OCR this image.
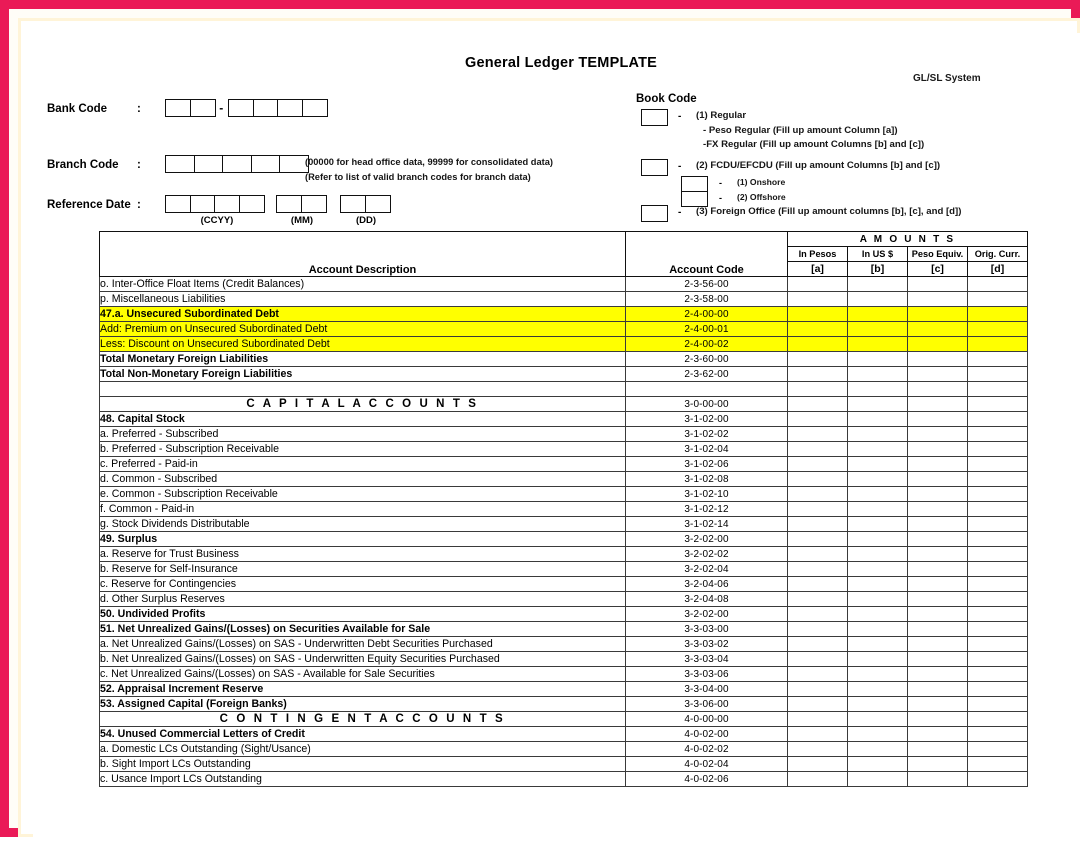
General Ledger TEMPLATE
GL/SL System
Bank Code	:	-
Branch Code :	(00000 for head office data, 99999 for consolidated data)
(Refer to list of valid branch codes for branch data)
Reference Date :
(CCYY)	(MM)	(DD)
Book Code
- (1) Regular
- Peso Regular (Fill up amount Column [a])
-FX Regular (Fill up amount Columns [b] and [c])
- (2) FCDU/EFCDU (Fill up amount Columns [b] and [c])
- (1) Onshore
- (2) Offshore
- (3) Foreign Office (Fill up amount columns [b], [c], and [d])
Account Description	Account Code	A M O U N T S			
		In Pesos	In US $	Peso Equiv.	Orig. Curr.
		[a]	[b]	[c]	[d]
o. Inter-Office Float Items (Credit Balances)	2-3-56-00				
p. Miscellaneous Liabilities	2-3-58-00				
47.a. Unsecured Subordinated Debt	2-4-00-00				
Add: Premium on Unsecured Subordinated Debt	2-4-00-01				
Less: Discount on Unsecured Subordinated Debt	2-4-00-02				
Total Monetary Foreign Liabilities	2-3-60-00				
Total Non-Monetary Foreign Liabilities	2-3-62-00				

C A P I T A L A C C O U N T S	3-0-00-00				
48. Capital Stock	3-1-02-00				
a. Preferred - Subscribed	3-1-02-02				
b. Preferred - Subscription Receivable	3-1-02-04				
c. Preferred - Paid-in	3-1-02-06				
d. Common - Subscribed	3-1-02-08				
e. Common - Subscription Receivable	3-1-02-10				
f. Common - Paid-in	3-1-02-12				
g. Stock Dividends Distributable	3-1-02-14				
49. Surplus	3-2-02-00				
a. Reserve for Trust Business	3-2-02-02				
b. Reserve for Self-Insurance	3-2-02-04				
c. Reserve for Contingencies	3-2-04-06				
d. Other Surplus Reserves	3-2-04-08				
50. Undivided Profits	3-2-02-00				
51. Net Unrealized Gains/(Losses) on Securities Available for Sale	3-3-03-00				
a. Net Unrealized Gains/(Losses) on SAS - Underwritten Debt Securities Purchased	3-3-03-02				
b. Net Unrealized Gains/(Losses) on SAS - Underwritten Equity Securities Purchased	3-3-03-04				
c. Net Unrealized Gains/(Losses) on SAS - Available for Sale Securities	3-3-03-06				
52. Appraisal Increment Reserve	3-3-04-00				
53. Assigned Capital (Foreign Banks)	3-3-06-00				
C O N T I N G E N T A C C O U N T S	4-0-00-00				
54. Unused Commercial Letters of Credit	4-0-02-00				
a. Domestic LCs Outstanding (Sight/Usance)	4-0-02-02				
b. Sight Import LCs Outstanding	4-0-02-04				
c. Usance Import LCs Outstanding	4-0-02-06				
